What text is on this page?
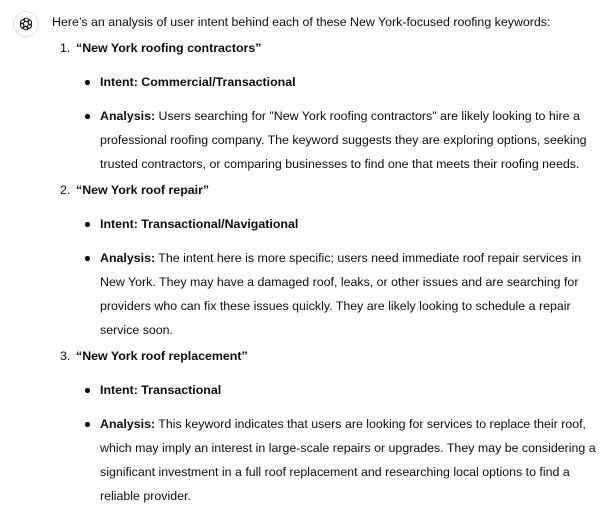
Here’s an analysis of user intent behind each of these New York-focused roofing keywords:

1. “New York roofing contractors”
Intent: Commercial/Transactional
Analysis: Users searching for "New York roofing contractors" are likely looking to hire a professional roofing company. The keyword suggests they are exploring options, seeking trusted contractors, or comparing businesses to find one that meets their roofing needs.
2. “New York roof repair”
Intent: Transactional/Navigational
Analysis: The intent here is more specific; users need immediate roof repair services in New York. They may have a damaged roof, leaks, or other issues and are searching for providers who can fix these issues quickly. They are likely looking to schedule a repair service soon.
3. “New York roof replacement”
Intent: Transactional
Analysis: This keyword indicates that users are looking for services to replace their roof, which may imply an interest in large-scale repairs or upgrades. They may be considering a significant investment in a full roof replacement and researching local options to find a reliable provider.
